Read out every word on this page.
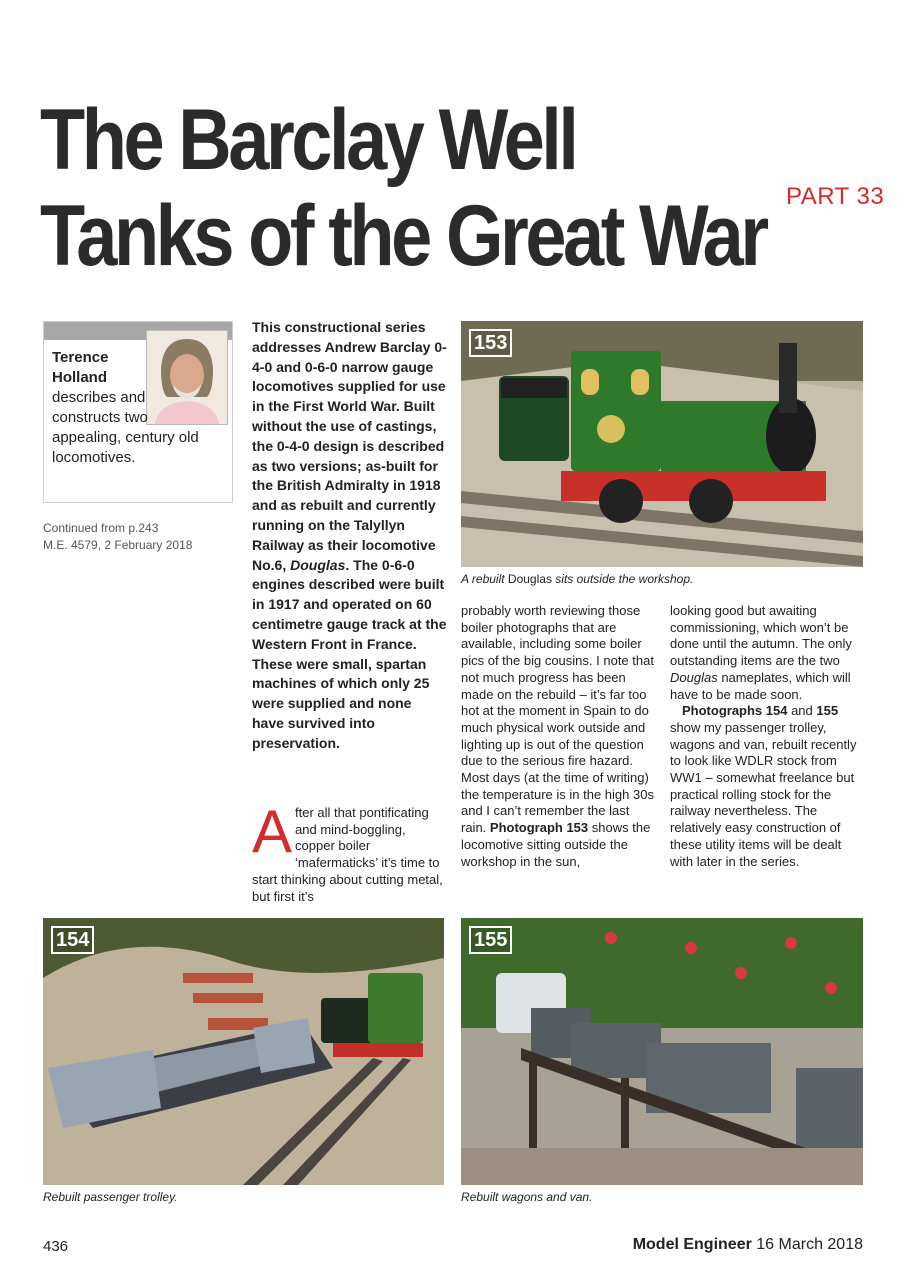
The Barclay Well
Tanks of the Great War PART 33
Terence Holland
describes and constructs two appealing, century old locomotives.
Continued from p.243
M.E. 4579, 2 February 2018

This constructional series addresses Andrew Barclay 0-4-0 and 0-6-0 narrow gauge locomotives supplied for use in the First World War. Built without the use of castings, the 0-4-0 design is described as two versions; as-built for the British Admiralty in 1918 and as rebuilt and currently running on the Talyllyn Railway as their locomotive No.6, Douglas. The 0-6-0 engines described were built in 1917 and operated on 60 centimetre gauge track at the Western Front in France. These were small, spartan machines of which only 25 were supplied and none have survived into preservation.

After all that pontificating and mind-boggling, copper boiler ‘mafermaticks’ it’s time to start thinking about cutting metal, but first it’s

153
A rebuilt Douglas sits outside the workshop.

probably worth reviewing those boiler photographs that are available, including some boiler pics of the big cousins. I note that not much progress has been made on the rebuild – it’s far too hot at the moment in Spain to do much physical work outside and lighting up is out of the question due to the serious fire hazard. Most days (at the time of writing) the temperature is in the high 30s and I can’t remember the last rain. Photograph 153 shows the locomotive sitting outside the workshop in the sun,

looking good but awaiting commissioning, which won’t be done until the autumn. The only outstanding items are the two Douglas nameplates, which will have to be made soon.
Photographs 154 and 155 show my passenger trolley, wagons and van, rebuilt recently to look like WDLR stock from WW1 – somewhat freelance but practical rolling stock for the railway nevertheless. The relatively easy construction of these utility items will be dealt with later in the series.

154
Rebuilt passenger trolley.
155
Rebuilt wagons and van.
436	Model Engineer 16 March 2018
